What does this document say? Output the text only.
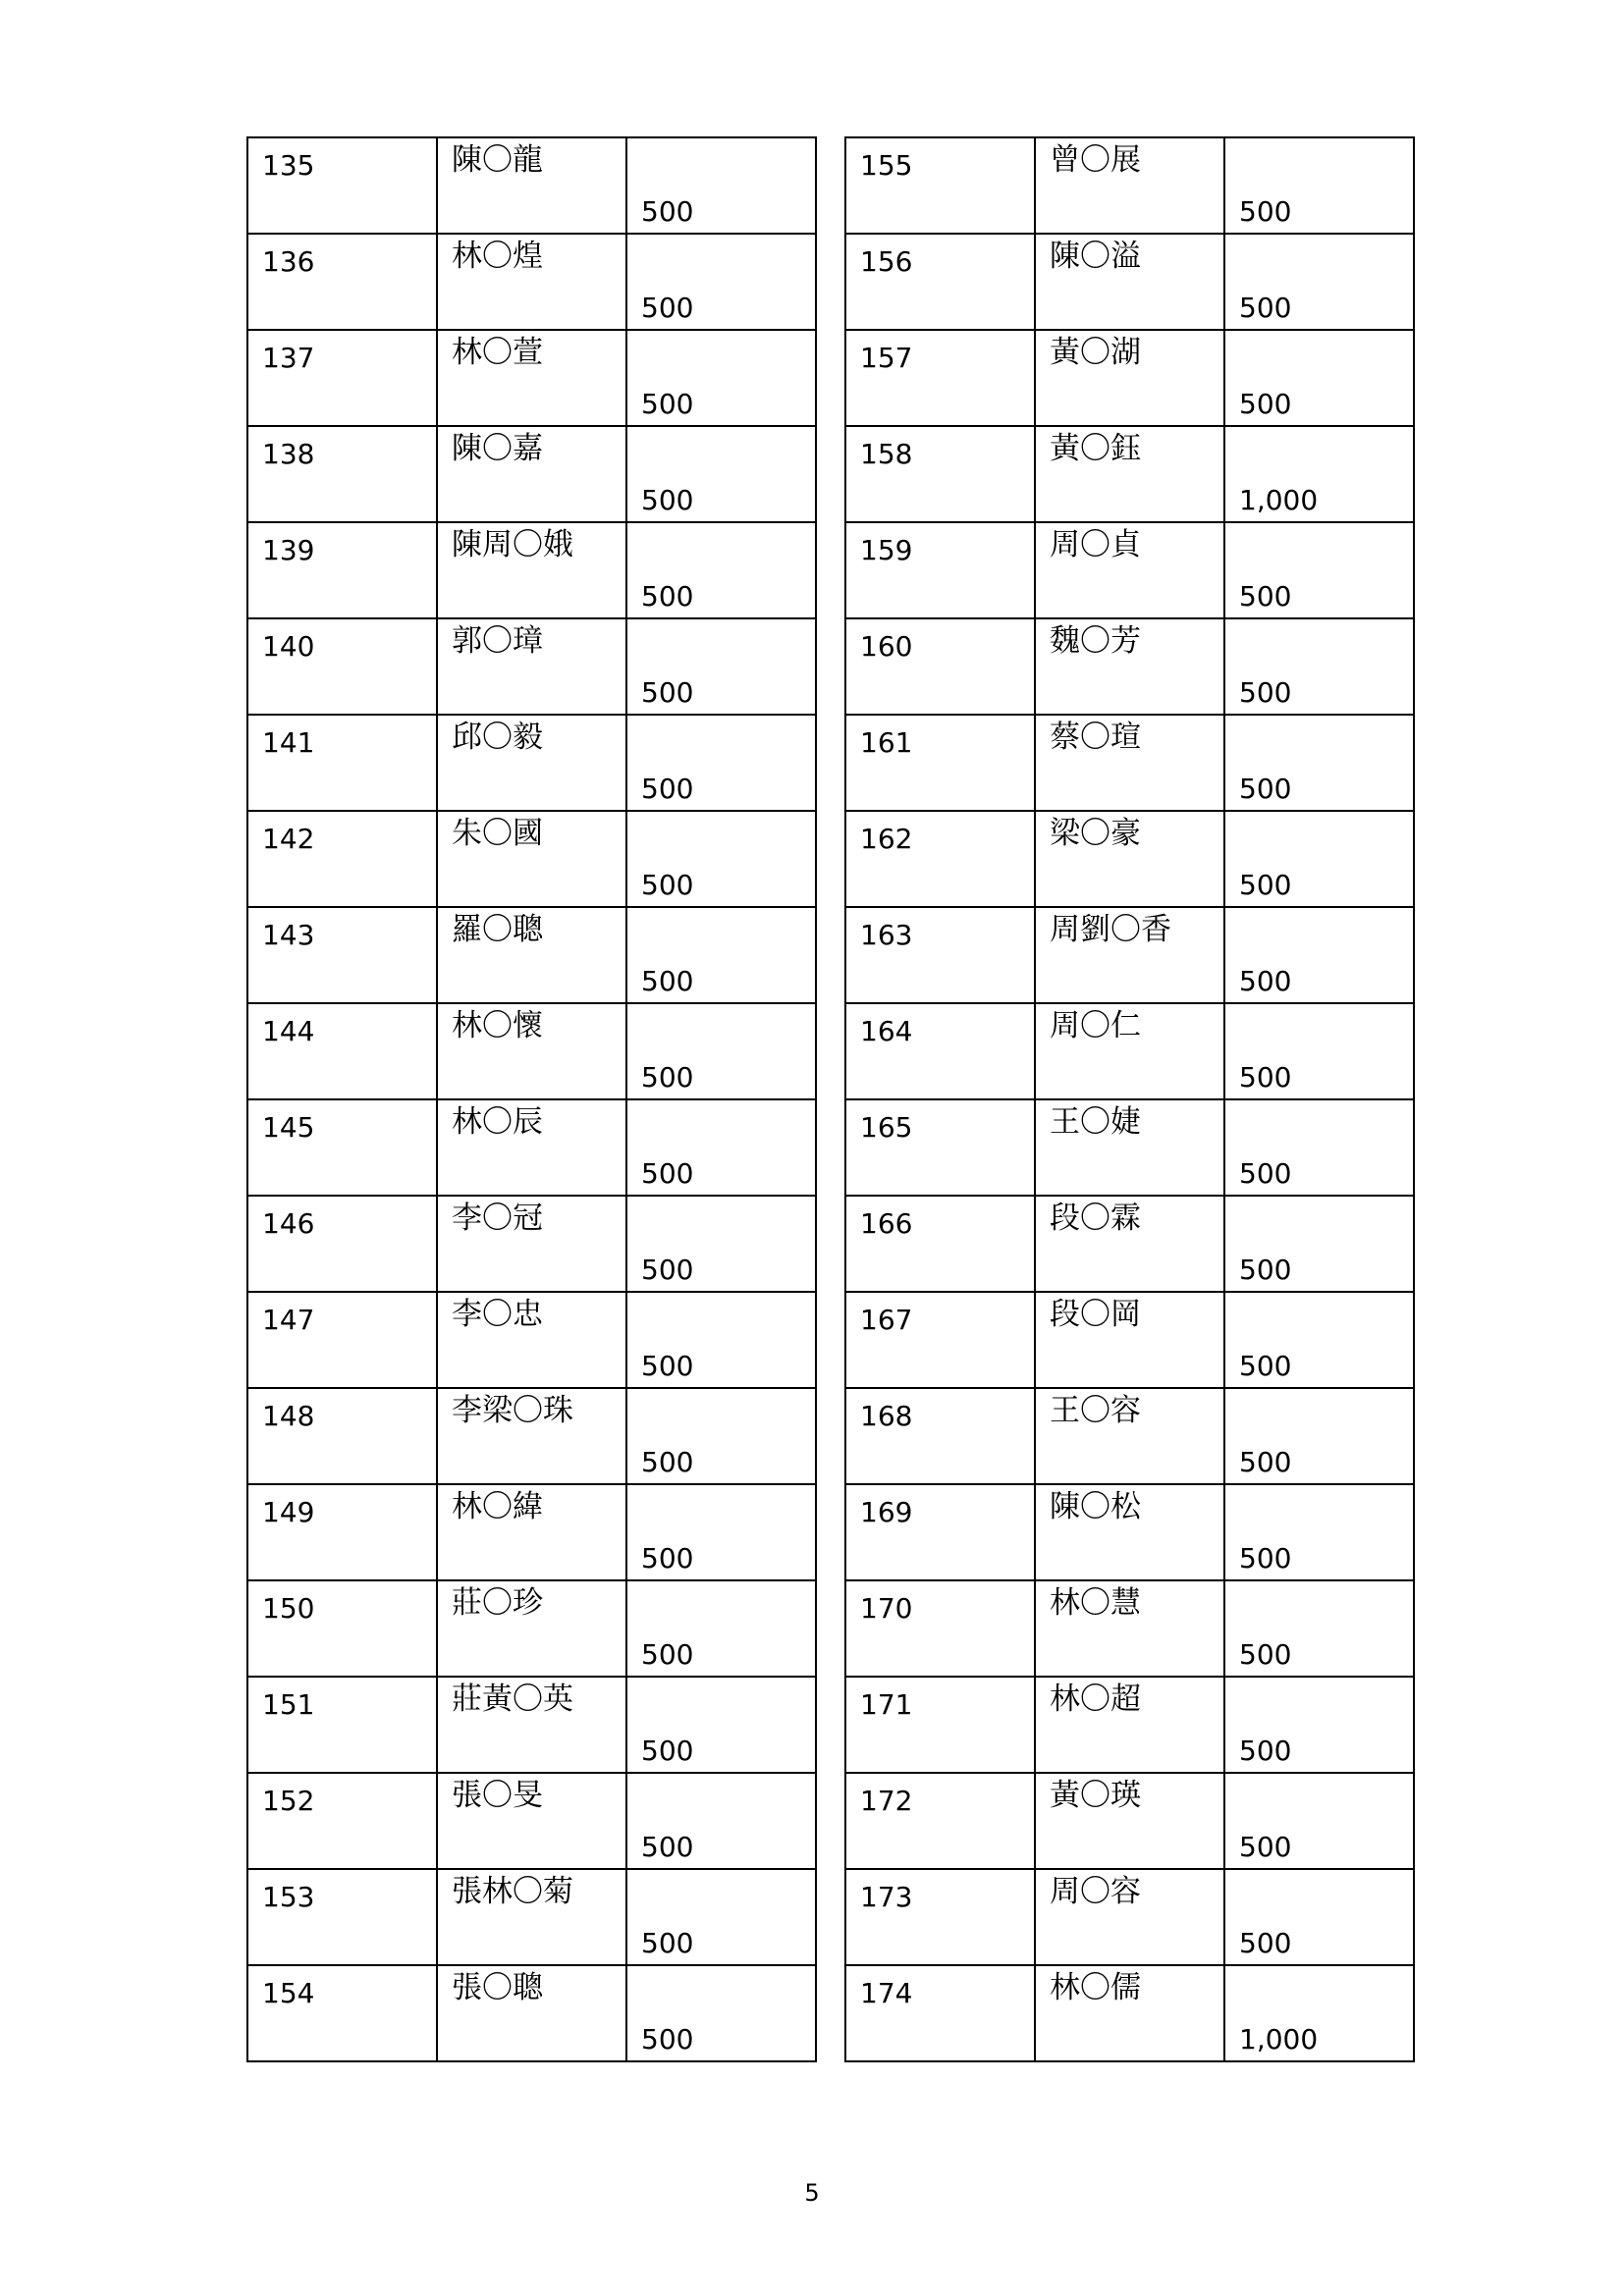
135	陳〇龍	500
136	林〇煌	500
137	林〇萱	500
138	陳〇嘉	500
139	陳周〇娥	500
140	郭〇璋	500
141	邱〇毅	500
142	朱〇國	500
143	羅〇聰	500
144	林〇懷	500
145	林〇辰	500
146	李〇冠	500
147	李〇忠	500
148	李梁〇珠	500
149	林〇緯	500
150	莊〇珍	500
151	莊黃〇英	500
152	張〇旻	500
153	張林〇菊	500
154	張〇聰	500
155	曾〇展	500
156	陳〇溢	500
157	黃〇湖	500
158	黃〇鈺	1,000
159	周〇貞	500
160	魏〇芳	500
161	蔡〇瑄	500
162	梁〇豪	500
163	周劉〇香	500
164	周〇仁	500
165	王〇婕	500
166	段〇霖	500
167	段〇岡	500
168	王〇容	500
169	陳〇松	500
170	林〇慧	500
171	林〇超	500
172	黃〇瑛	500
173	周〇容	500
174	林〇儒	1,000
5
